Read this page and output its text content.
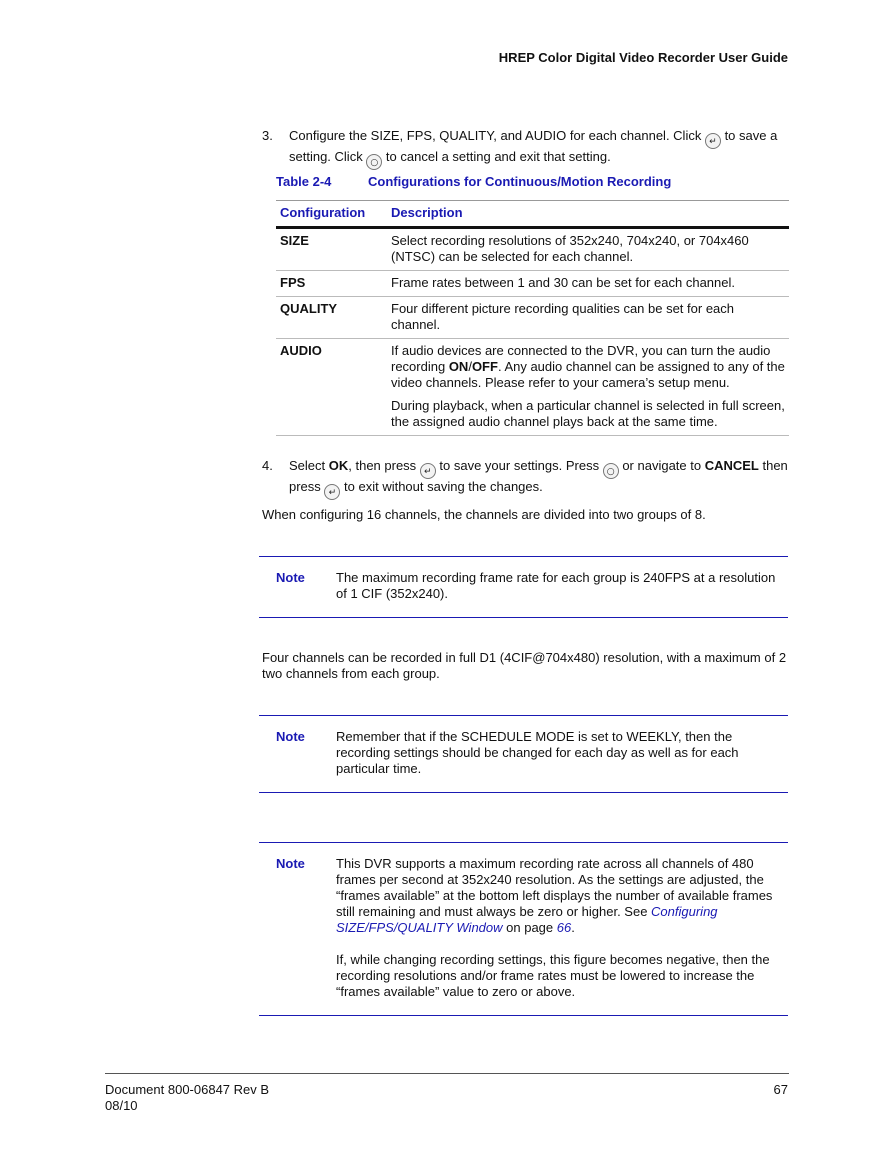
HREP Color Digital Video Recorder User Guide
3. Configure the SIZE, FPS, QUALITY, and AUDIO for each channel. Click ↵ to save a setting. Click ○ to cancel a setting and exit that setting.
Table 2-4	Configurations for Continuous/Motion Recording
Configuration	Description
SIZE	Select recording resolutions of 352x240, 704x240, or 704x460 (NTSC) can be selected for each channel.
FPS	Frame rates between 1 and 30 can be set for each channel.
QUALITY	Four different picture recording qualities can be set for each channel.
AUDIO	If audio devices are connected to the DVR, you can turn the audio recording ON/OFF. Any audio channel can be assigned to any of the video channels. Please refer to your camera’s setup menu.

During playback, when a particular channel is selected in full screen, the assigned audio channel plays back at the same time.

4. Select OK, then press ↵ to save your settings. Press ○ or navigate to CANCEL then press ↵ to exit without saving the changes.
When configuring 16 channels, the channels are divided into two groups of 8.
Note The maximum recording frame rate for each group is 240FPS at a resolution of 1 CIF (352x240).
Four channels can be recorded in full D1 (4CIF@704x480) resolution, with a maximum of 2 two channels from each group.
Note Remember that if the SCHEDULE MODE is set to WEEKLY, then the recording settings should be changed for each day as well as for each particular time.
Note This DVR supports a maximum recording rate across all channels of 480 frames per second at 352x240 resolution. As the settings are adjusted, the “frames available” at the bottom left displays the number of available frames still remaining and must always be zero or higher. See Configuring SIZE/FPS/QUALITY Window on page 66.

If, while changing recording settings, this figure becomes negative, then the recording resolutions and/or frame rates must be lowered to increase the “frames available” value to zero or above.

Document 800-06847 Rev B
08/10
67
